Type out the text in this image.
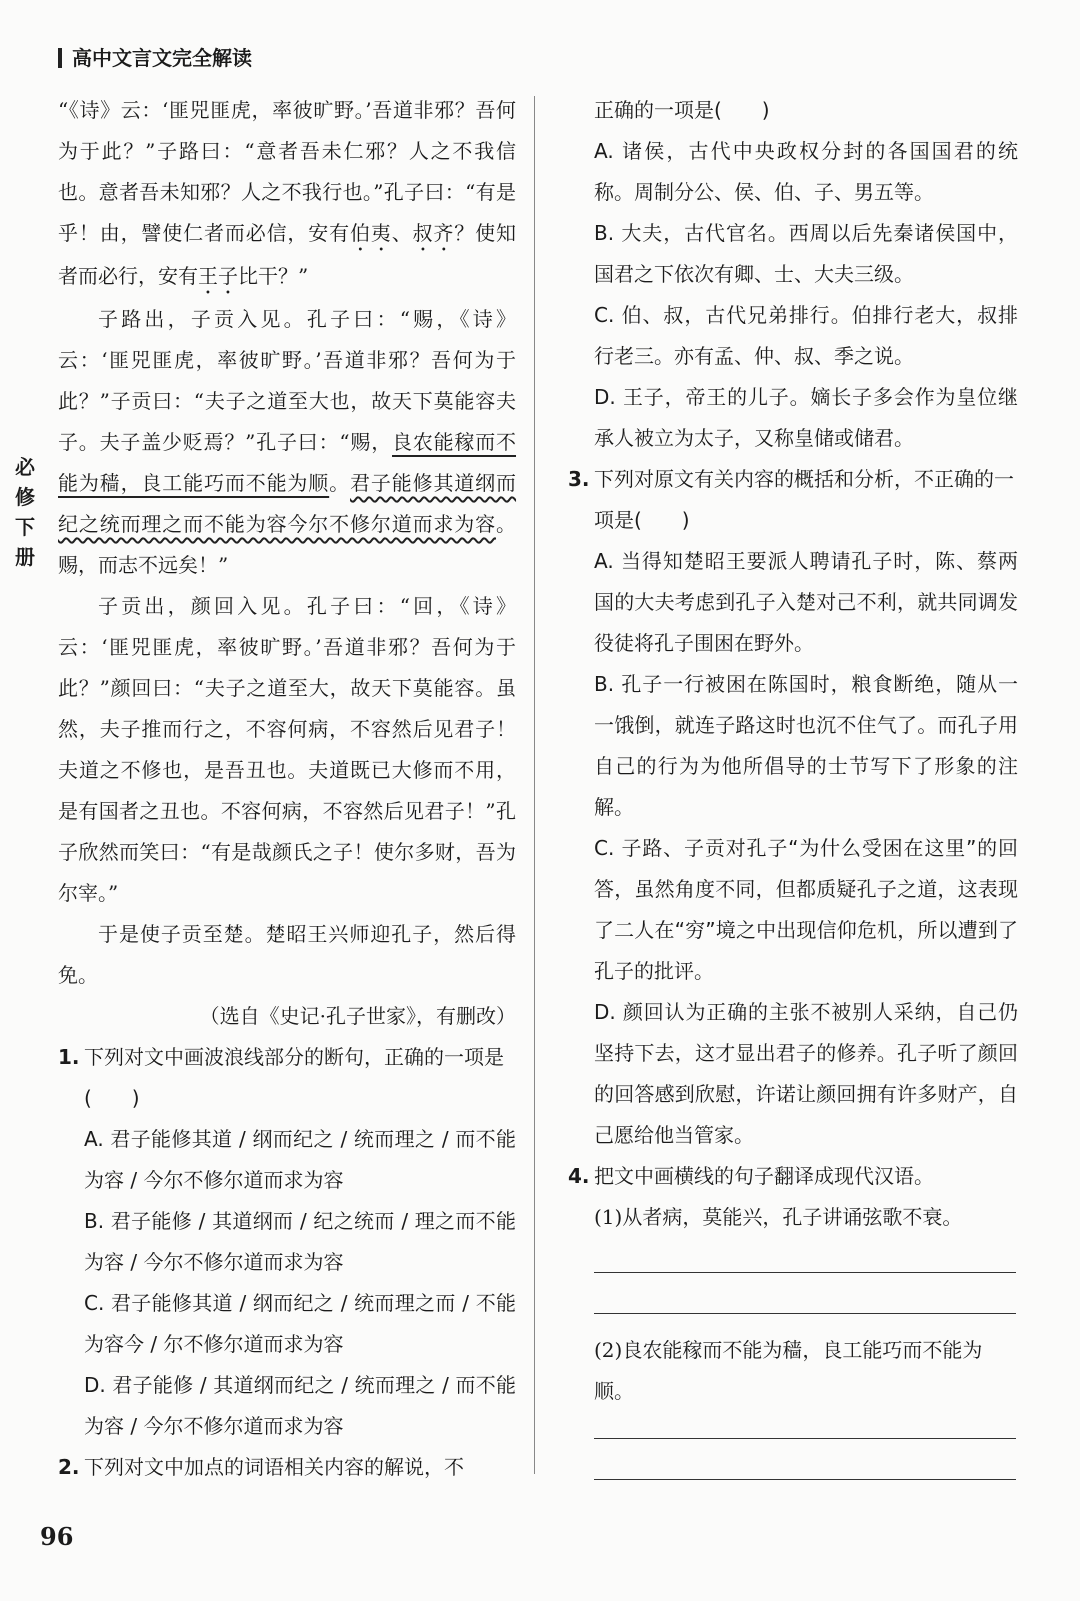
高中文言文完全解读
必修下册

“《诗》云：‘匪兕匪虎，率彼旷野。’吾道非邪？吾何为于此？”子路曰：“意者吾未仁邪？人之不我信也。意者吾未知邪？人之不我行也。”孔子曰：“有是乎！由，譬使仁者而必信，安有伯夷、叔齐？使知者而必行，安有王子比干？”

子路出，子贡入见。孔子曰：“赐，《诗》云：‘匪兕匪虎，率彼旷野。’吾道非邪？吾何为于此？”子贡曰：“夫子之道至大也，故天下莫能容夫子。夫子盖少贬焉？”孔子曰：“赐，良农能稼而不能为穑，良工能巧而不能为顺。君子能修其道纲而纪之统而理之而不能为容今尔不修尔道而求为容。赐，而志不远矣！”

子贡出，颜回入见。孔子曰：“回，《诗》云：‘匪兕匪虎，率彼旷野。’吾道非邪？吾何为于此？”颜回曰：“夫子之道至大，故天下莫能容。虽然，夫子推而行之，不容何病，不容然后见君子！夫道之不修也，是吾丑也。夫道既已大修而不用，是有国者之丑也。不容何病，不容然后见君子！”孔子欣然而笑曰：“有是哉颜氏之子！使尔多财，吾为尔宰。”

于是使子贡至楚。楚昭王兴师迎孔子，然后得免。

（选自《史记·孔子世家》，有删改）

1. 下列对文中画波浪线部分的断句，正确的一项是(　　)

A. 君子能修其道 / 纲而纪之 / 统而理之 / 而不能为容 / 今尔不修尔道而求为容

B. 君子能修 / 其道纲而 / 纪之统而 / 理之而不能为容 / 今尔不修尔道而求为容

C. 君子能修其道 / 纲而纪之 / 统而理之而 / 不能为容今 / 尔不修尔道而求为容

D. 君子能修 / 其道纲而纪之 / 统而理之 / 而不能为容 / 今尔不修尔道而求为容

2. 下列对文中加点的词语相关内容的解说，不

正确的一项是(　　)

A. 诸侯，古代中央政权分封的各国国君的统称。周制分公、侯、伯、子、男五等。

B. 大夫，古代官名。西周以后先秦诸侯国中，国君之下依次有卿、士、大夫三级。

C. 伯、叔，古代兄弟排行。伯排行老大，叔排行老三。亦有孟、仲、叔、季之说。

D. 王子，帝王的儿子。嫡长子多会作为皇位继承人被立为太子，又称皇储或储君。

3. 下列对原文有关内容的概括和分析，不正确的一项是(　　)

A. 当得知楚昭王要派人聘请孔子时，陈、蔡两国的大夫考虑到孔子入楚对己不利，就共同调发役徒将孔子围困在野外。

B. 孔子一行被困在陈国时，粮食断绝，随从一一饿倒，就连子路这时也沉不住气了。而孔子用自己的行为为他所倡导的士节写下了形象的注解。

C. 子路、子贡对孔子“为什么受困在这里”的回答，虽然角度不同，但都质疑孔子之道，这表现了二人在“穷”境之中出现信仰危机，所以遭到了孔子的批评。

D. 颜回认为正确的主张不被别人采纳，自己仍坚持下去，这才显出君子的修养。孔子听了颜回的回答感到欣慰，许诺让颜回拥有许多财产，自己愿给他当管家。

4. 把文中画横线的句子翻译成现代汉语。

(1)从者病，莫能兴，孔子讲诵弦歌不衰。

(2)良农能稼而不能为穑，良工能巧而不能为顺。

96
